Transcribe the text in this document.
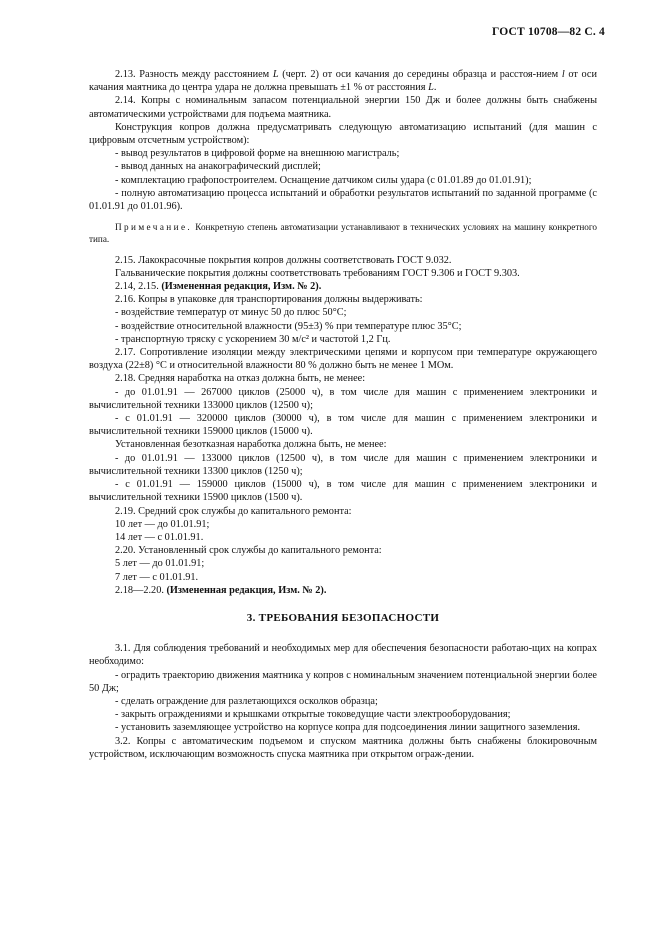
ГОСТ 10708—82 С. 4

2.13. Разность между расстоянием L (черт. 2) от оси качания до середины образца и расстоя-нием l от оси качания маятника до центра удара не должна превышать ±1 % от расстояния L.

2.14. Копры с номинальным запасом потенциальной энергии 150 Дж и более должны быть снабжены автоматическими устройствами для подъема маятника.

Конструкция копров должна предусматривать следующую автоматизацию испытаний (для машин с цифровым отсчетным устройством):

- вывод результатов в цифровой форме на внешнюю магистраль;

- вывод данных на анакографический дисплей;

- комплектацию графопостроителем. Оснащение датчиком силы удара (с 01.01.89 до 01.01.91);

- полную автоматизацию процесса испытаний и обработки результатов испытаний по заданной программе (с 01.01.91 до 01.01.96).

Примечание. Конкретную степень автоматизации устанавливают в технических условиях на машину конкретного типа.

2.15. Лакокрасочные покрытия копров должны соответствовать ГОСТ 9.032.

Гальванические покрытия должны соответствовать требованиям ГОСТ 9.306 и ГОСТ 9.303.

2.14, 2.15. (Измененная редакция, Изм. № 2).

2.16. Копры в упаковке для транспортирования должны выдерживать:

- воздействие температур от минус 50 до плюс 50°С;

- воздействие относительной влажности (95±3) % при температуре плюс 35°С;

- транспортную тряску с ускорением 30 м/с² и частотой 1,2 Гц.

2.17. Сопротивление изоляции между электрическими цепями и корпусом при температуре окружающего воздуха (22±8) °С и относительной влажности 80 % должно быть не менее 1 МОм.

2.18. Средняя наработка на отказ должна быть, не менее:

- до 01.01.91 — 267000 циклов (25000 ч), в том числе для машин с применением электроники и вычислительной техники 133000 циклов (12500 ч);

- с 01.01.91 — 320000 циклов (30000 ч), в том числе для машин с применением электроники и вычислительной техники 159000 циклов (15000 ч).

Установленная безотказная наработка должна быть, не менее:

- до 01.01.91 — 133000 циклов (12500 ч), в том числе для машин с применением электроники и вычислительной техники 13300 циклов (1250 ч);

- с 01.01.91 — 159000 циклов (15000 ч), в том числе для машин с применением электроники и вычислительной техники 15900 циклов (1500 ч).

2.19. Средний срок службы до капитального ремонта:

10 лет — до 01.01.91;

14 лет — с 01.01.91.

2.20. Установленный срок службы до капитального ремонта:

5 лет — до 01.01.91;

7 лет — с 01.01.91.

2.18—2.20. (Измененная редакция, Изм. № 2).

3. ТРЕБОВАНИЯ БЕЗОПАСНОСТИ

3.1. Для соблюдения требований и необходимых мер для обеспечения безопасности работаю-щих на копрах необходимо:

- оградить траекторию движения маятника у копров с номинальным значением потенциальной энергии более 50 Дж;

- сделать ограждение для разлетающихся осколков образца;

- закрыть ограждениями и крышками открытые токоведущие части электрооборудования;

- установить заземляющее устройство на корпусе копра для подсоединения линии защитного заземления.

3.2. Копры с автоматическим подъемом и спуском маятника должны быть снабжены блокировочным устройством, исключающим возможность спуска маятника при открытом ограж-дении.
